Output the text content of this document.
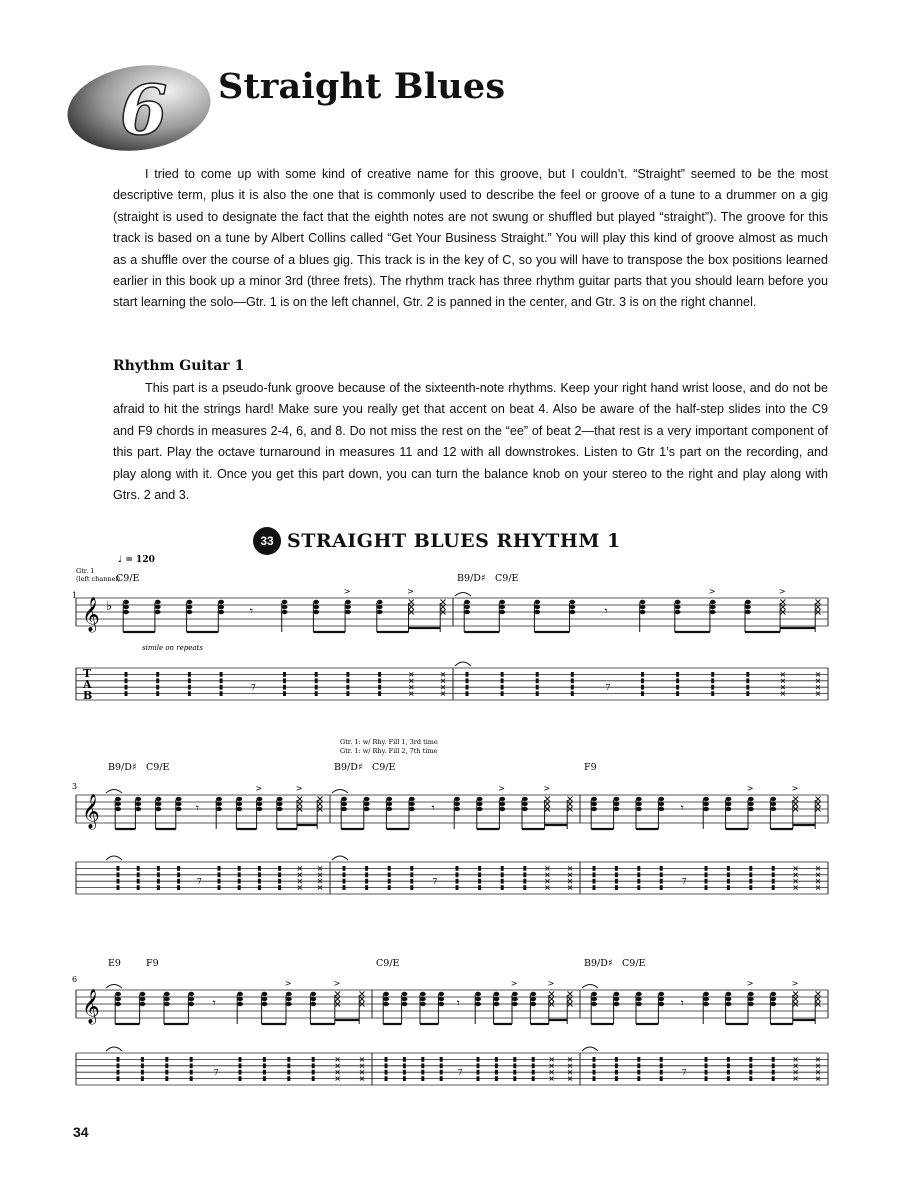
6 Straight Blues

I tried to come up with some kind of creative name for this groove, but I couldn’t. “Straight” seemed to be the most descriptive term, plus it is also the one that is commonly used to describe the feel or groove of a tune to a drummer on a gig (straight is used to designate the fact that the eighth notes are not swung or shuffled but played “straight”). The groove for this track is based on a tune by Albert Collins called “Get Your Business Straight.” You will play this kind of groove almost as much as a shuffle over the course of a blues gig. This track is in the key of C, so you will have to transpose the box positions learned earlier in this book up a minor 3rd (three frets). The rhythm track has three rhythm guitar parts that you should learn before you start learning the solo—Gtr. 1 is on the left channel, Gtr. 2 is panned in the center, and Gtr. 3 is on the right channel.

Rhythm Guitar 1

This part is a pseudo-funk groove because of the sixteenth-note rhythms. Keep your right hand wrist loose, and do not be afraid to hit the strings hard! Make sure you really get that accent on beat 4. Also be aware of the half-step slides into the C9 and F9 chords in measures 2-4, 6, and 8. Do not miss the rest on the “ee” of beat 2—that rest is a very important component of this part. Play the octave turnaround in measures 11 and 12 with all downstrokes. Listen to Gtr 1’s part on the recording, and play along with it. Once you get this part down, you can turn the balance knob on your stereo to the right and play along with Gtrs. 2 and 3.

33 STRAIGHT BLUES RHYTHM 1
♩ = 120
Gtr. 1
(left channel)
simile on repeats
Gtr. 1: w/ Rhy. Fill 1, 3rd time
Gtr. 1: w/ Rhy. Fill 2, 7th time
𝄞 ♭
T
A
B
1
C9/E
𝄾
7
>	>
B9/D♯ C9/E
𝄾
7
>	>
𝄞
3
B9/D♯ C9/E
𝄾
7
>	>
B9/D♯ C9/E
𝄾
7
>	>
F9
𝄾
7
>	>
𝄞
6
E9	F9
𝄾
7
>	>
C9/E
𝄾
7
>	>
B9/D♯ C9/E
𝄾
7
>	>

34
